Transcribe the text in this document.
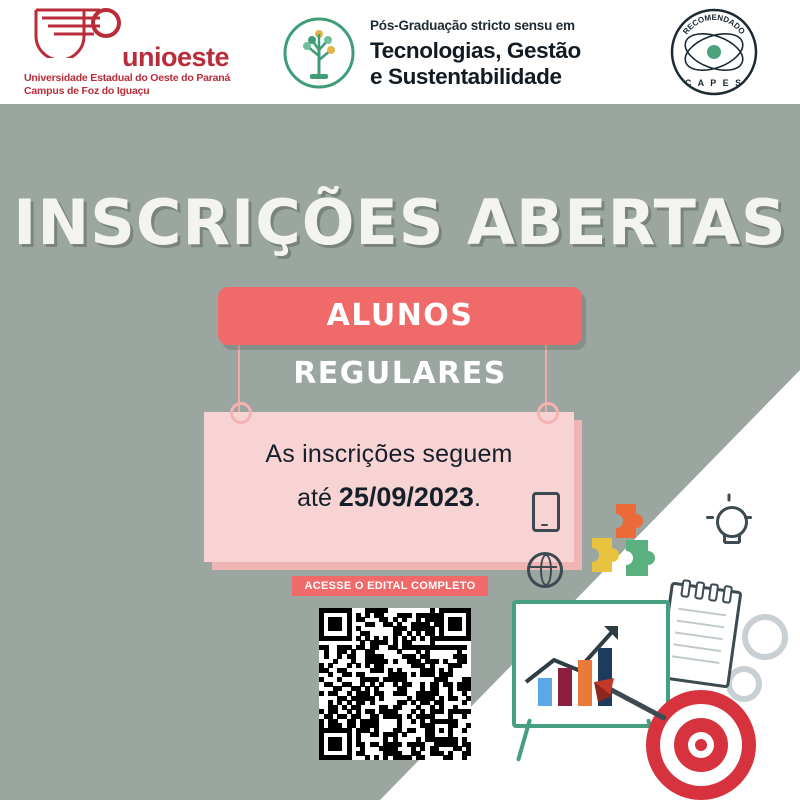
unioeste
Universidade Estadual do Oeste do Paraná
Campus de Foz do Iguaçu
Pós-Graduação stricto sensu em
Tecnologias, Gestão
e Sustentabilidade
RECOMENDADO
C A P E S
INSCRIÇÕES ABERTAS
ALUNOS REGULARES
As inscrições seguem
até 25/09/2023.
ACESSE O EDITAL COMPLETO
